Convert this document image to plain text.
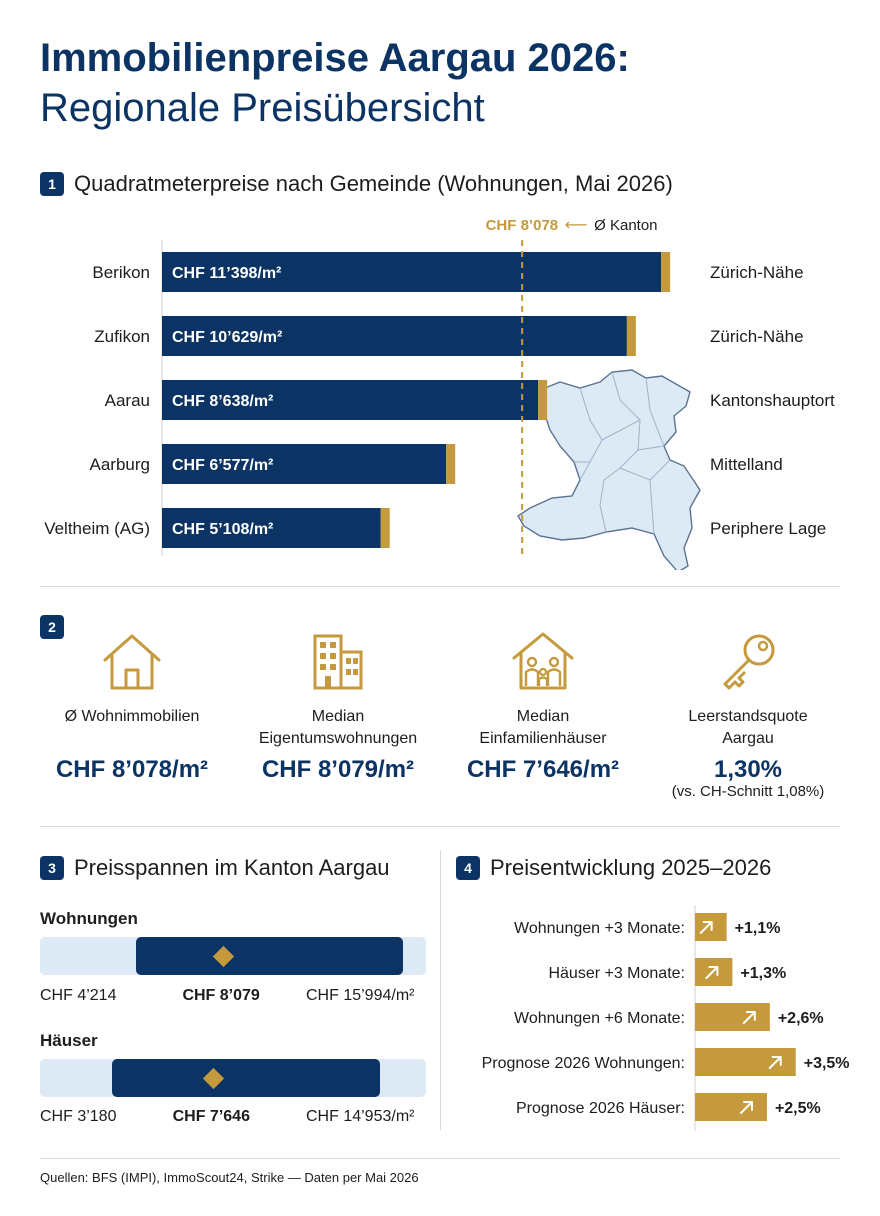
Immobilienpreise Aargau 2026:
Regionale Preisübersicht
1 Quadratmeterpreise nach Gemeinde (Wohnungen, Mai 2026)
Berikon CHF 11’398/m²	Zürich-Nähe
Zufikon CHF 10’629/m²	Zürich-Nähe
Aarau CHF 8’638/m²	Kantonshauptort
Aarburg CHF 6’577/m²	Mittelland
Veltheim (AG) CHF 5’108/m²	Periphere Lage
CHF 8’078 ⟵ Ø Kanton
2
Ø Wohnimmobilien
CHF 8’078/m²
Median
Eigentumswohnungen
CHF 8’079/m²
Median
Einfamilienhäuser
CHF 7’646/m²
Leerstandsquote
Aargau
1,30%
(vs. CH-Schnitt 1,08%)
3 Preisspannen im Kanton Aargau
Wohnungen
CHF 4’214	CHF 8’079	CHF 15’994/m²
Häuser
CHF 3’180	CHF 7’646	CHF 14’953/m²
4 Preisentwicklung 2025–2026
Wohnungen +3 Monate:	+1,1%
Häuser +3 Monate:	+1,3%
Wohnungen +6 Monate:	+2,6%
Prognose 2026 Wohnungen:	+3,5%
Prognose 2026 Häuser:	+2,5%
Quellen: BFS (IMPI), ImmoScout24, Strike — Daten per Mai 2026
